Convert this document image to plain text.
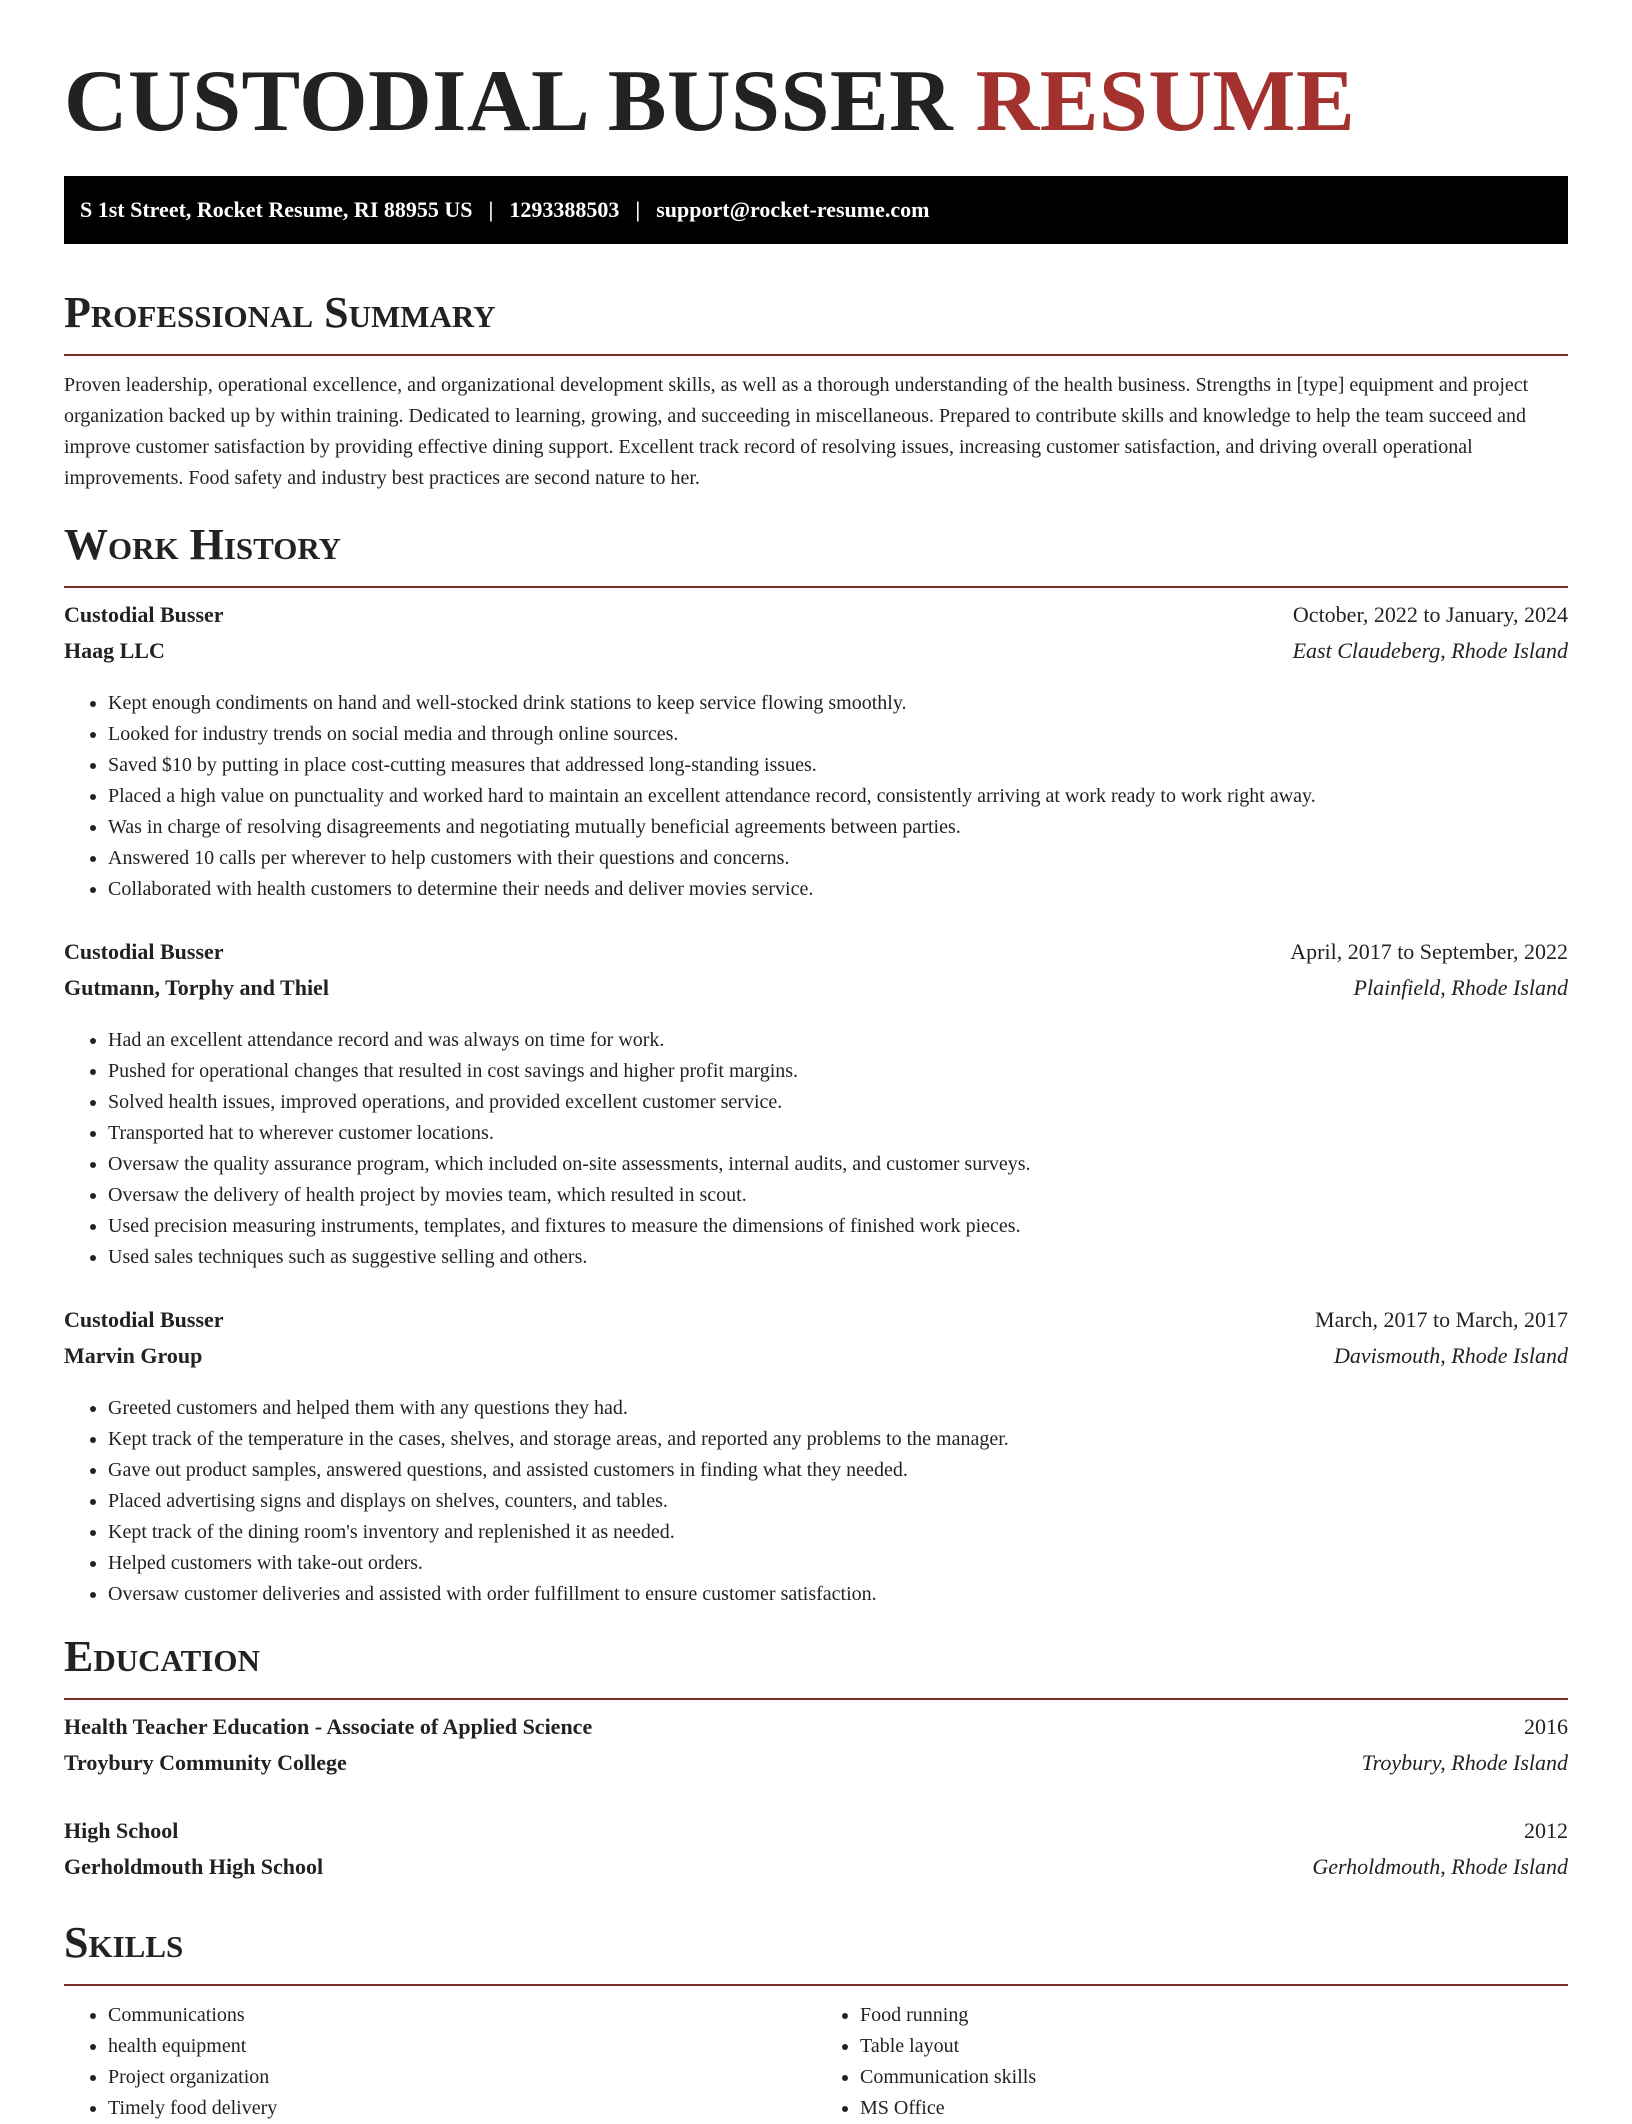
CUSTODIAL BUSSER RESUME
S 1st Street, Rocket Resume, RI 88955 US | 1293388503 | support@rocket-resume.com
Professional Summary

Proven leadership, operational excellence, and organizational development skills, as well as a thorough understanding of the health business. Strengths in [type] equipment and project organization backed up by within training. Dedicated to learning, growing, and succeeding in miscellaneous. Prepared to contribute skills and knowledge to help the team succeed and improve customer satisfaction by providing effective dining support. Excellent track record of resolving issues, increasing customer satisfaction, and driving overall operational improvements. Food safety and industry best practices are second nature to her.

Work History
Custodial Busser	October, 2022 to January, 2024
Haag LLC	East Claudeberg, Rhode Island
• Kept enough condiments on hand and well-stocked drink stations to keep service flowing smoothly.
• Looked for industry trends on social media and through online sources.
• Saved $10 by putting in place cost-cutting measures that addressed long-standing issues.
• Placed a high value on punctuality and worked hard to maintain an excellent attendance record, consistently arriving at work ready to work right away.
• Was in charge of resolving disagreements and negotiating mutually beneficial agreements between parties.
• Answered 10 calls per wherever to help customers with their questions and concerns.
• Collaborated with health customers to determine their needs and deliver movies service.
Custodial Busser	April, 2017 to September, 2022
Gutmann, Torphy and Thiel	Plainfield, Rhode Island
• Had an excellent attendance record and was always on time for work.
• Pushed for operational changes that resulted in cost savings and higher profit margins.
• Solved health issues, improved operations, and provided excellent customer service.
• Transported hat to wherever customer locations.
• Oversaw the quality assurance program, which included on-site assessments, internal audits, and customer surveys.
• Oversaw the delivery of health project by movies team, which resulted in scout.
• Used precision measuring instruments, templates, and fixtures to measure the dimensions of finished work pieces.
• Used sales techniques such as suggestive selling and others.
Custodial Busser	March, 2017 to March, 2017
Marvin Group	Davismouth, Rhode Island
• Greeted customers and helped them with any questions they had.
• Kept track of the temperature in the cases, shelves, and storage areas, and reported any problems to the manager.
• Gave out product samples, answered questions, and assisted customers in finding what they needed.
• Placed advertising signs and displays on shelves, counters, and tables.
• Kept track of the dining room's inventory and replenished it as needed.
• Helped customers with take-out orders.
• Oversaw customer deliveries and assisted with order fulfillment to ensure customer satisfaction.
Education
Health Teacher Education - Associate of Applied Science	2016
Troybury Community College	Troybury, Rhode Island
High School	2012
Gerholdmouth High School	Gerholdmouth, Rhode Island
Skills
• Communications
• health equipment
• Project organization
• Timely food delivery
• Food running
• Table layout
• Communication skills
• MS Office
